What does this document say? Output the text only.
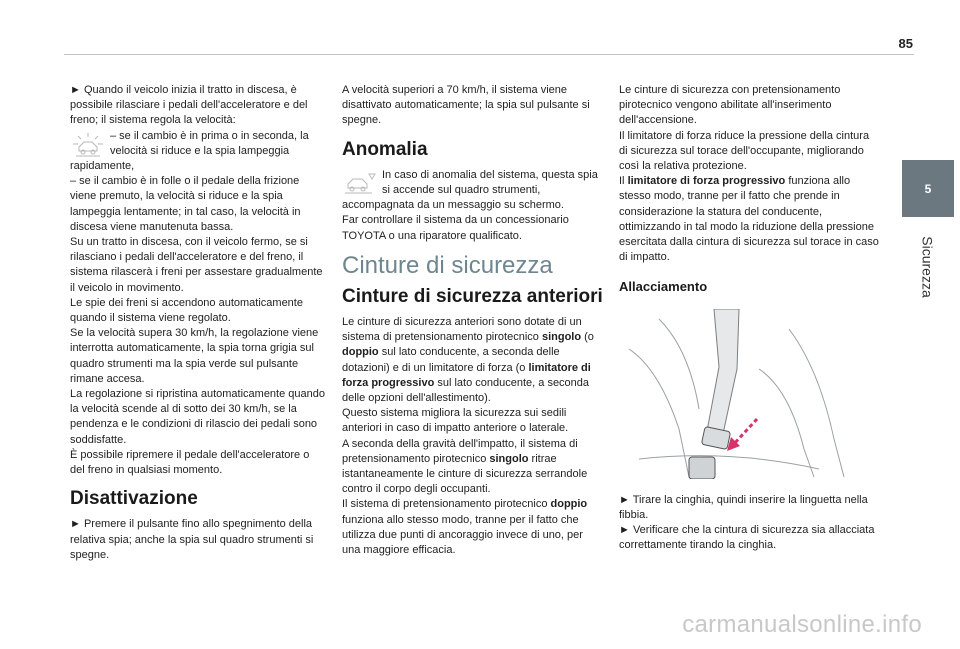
85
5
Sicurezza

► Quando il veicolo inizia il tratto in discesa, è possibile rilasciare i pedali dell'acceleratore e del freno; il sistema regola la velocità:

– se il cambio è in prima o in seconda, la velocità si riduce e la spia lampeggia rapidamente,

– se il cambio è in folle o il pedale della frizione viene premuto, la velocità si riduce e la spia lampeggia lentamente; in tal caso, la velocità in discesa viene manutenuta bassa.

Su un tratto in discesa, con il veicolo fermo, se si rilasciano i pedali dell'acceleratore e del freno, il sistema rilascerà i freni per assestare gradualmente il veicolo in movimento.

Le spie dei freni si accendono automaticamente quando il sistema viene regolato.

Se la velocità supera 30 km/h, la regolazione viene interrotta automaticamente, la spia torna grigia sul quadro strumenti ma la spia verde sul pulsante rimane accesa.

La regolazione si ripristina automaticamente quando la velocità scende al di sotto dei 30 km/h, se la pendenza e le condizioni di rilascio dei pedali sono soddisfatte.

È possibile ripremere il pedale dell'acceleratore o del freno in qualsiasi momento.

Disattivazione

► Premere il pulsante fino allo spegnimento della relativa spia; anche la spia sul quadro strumenti si spegne.

A velocità superiori a 70 km/h, il sistema viene disattivato automaticamente; la spia sul pulsante si spegne.

Anomalia

In caso di anomalia del sistema, questa spia si accende sul quadro strumenti, accompagnata da un messaggio su schermo.

Far controllare il sistema da un concessionario TOYOTA o una riparatore qualificato.

Cinture di sicurezza
Cinture di sicurezza anteriori

Le cinture di sicurezza anteriori sono dotate di un sistema di pretensionamento pirotecnico singolo (o doppio sul lato conducente, a seconda delle dotazioni) e di un limitatore di forza (o limitatore di forza progressivo sul lato conducente, a seconda delle opzioni dell'allestimento).

Questo sistema migliora la sicurezza sui sedili anteriori in caso di impatto anteriore o laterale.

A seconda della gravità dell'impatto, il sistema di pretensionamento pirotecnico singolo ritrae istantaneamente le cinture di sicurezza serrandole contro il corpo degli occupanti.

Il sistema di pretensionamento pirotecnico doppio funziona allo stesso modo, tranne per il fatto che utilizza due punti di ancoraggio invece di uno, per una maggiore efficacia.

Le cinture di sicurezza con pretensionamento pirotecnico vengono abilitate all'inserimento dell'accensione.

Il limitatore di forza riduce la pressione della cintura di sicurezza sul torace dell'occupante, migliorando così la relativa protezione.

Il limitatore di forza progressivo funziona allo stesso modo, tranne per il fatto che prende in considerazione la statura del conducente, ottimizzando in tal modo la riduzione della pressione esercitata dalla cintura di sicurezza sul torace in caso di impatto.

Allacciamento

► Tirare la cinghia, quindi inserire la linguetta nella fibbia.

► Verificare che la cintura di sicurezza sia allacciata correttamente tirando la cinghia.

carmanualsonline.info
